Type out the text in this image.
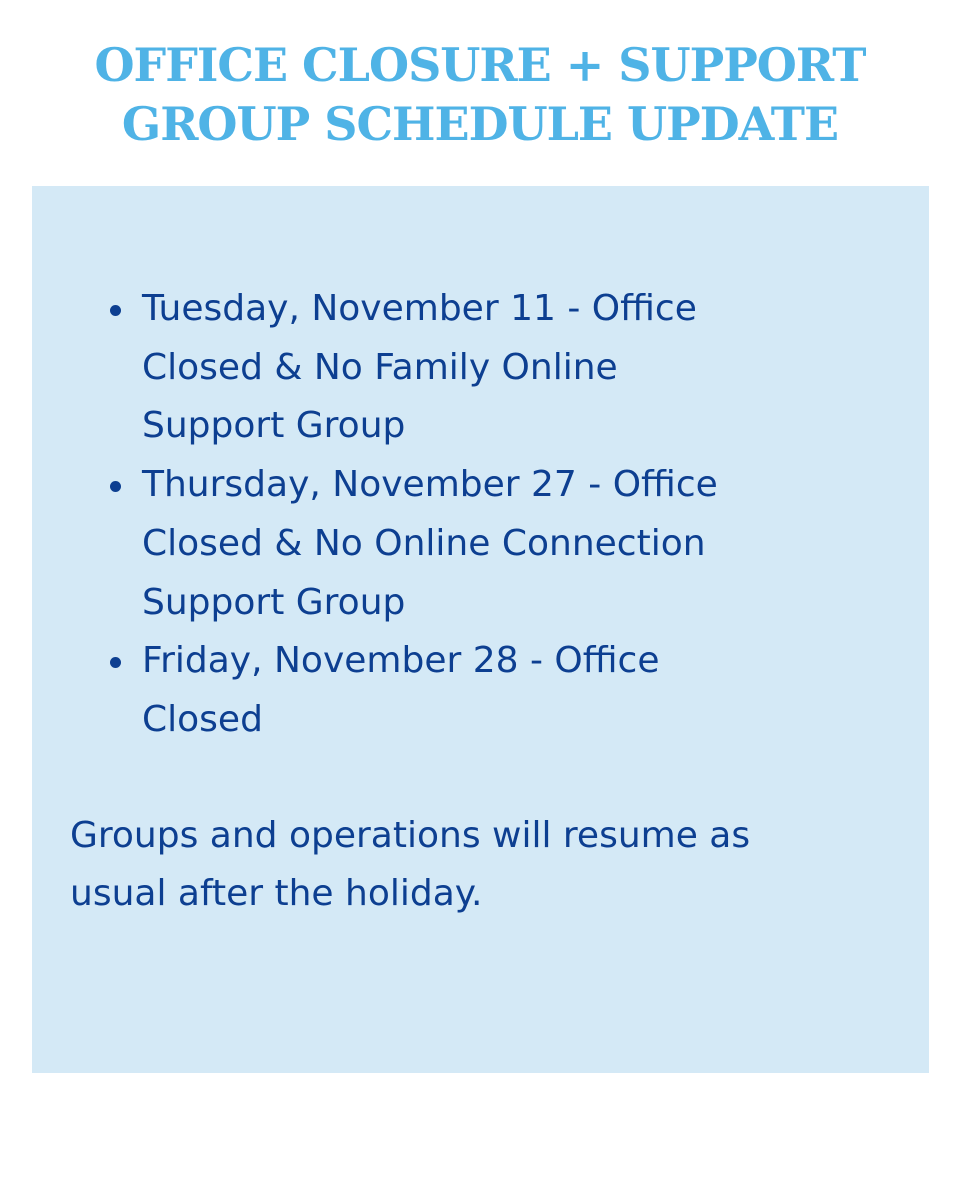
OFFICE CLOSURE + SUPPORT
GROUP SCHEDULE UPDATE
Tuesday, November 11 - Office
Closed & No Family Online
Support Group
Thursday, November 27 - Office
Closed & No Online Connection
Support Group
Friday, November 28 - Office
Closed

Groups and operations will resume as
usual after the holiday.
